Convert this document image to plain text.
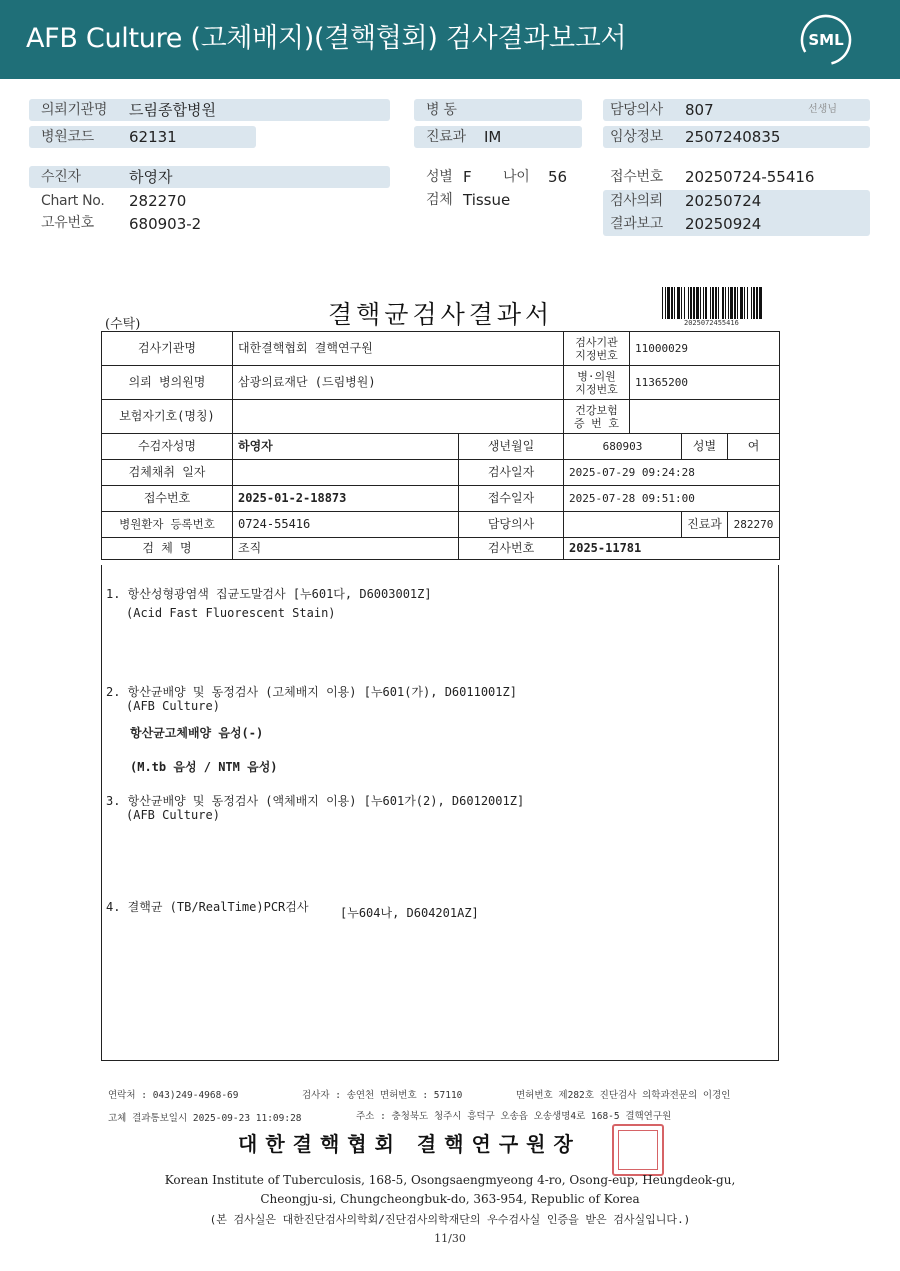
AFB Culture (고체배지)(결핵협회) 검사결과보고서	SML
의뢰기관명 드림종합병원
병원코드 62131
수진자	하영자
Chart No. 282270
고유번호 680903-2
병 동
진료과 IM
성별 F 나이 56
검체 Tissue
담당의사 807	선생님
임상정보 2507240835
접수번호 20250724-55416
검사의뢰 20250724
결과보고 20250924
(수탁)	결핵균검사결과서	2025072455416
검사기관명	대한결핵협회 결핵연구원		검사기관 지정번호	11000029		
의뢰 병의원명	삼광의료재단 (드림병원)		병·의원 지정번호	11365200		
보험자기호(명칭)			건강보험 증 번 호			
수검자성명	하영자	생년월일	680903		성별	여
검체채취 일자		검사일자	2025-07-29 09:24:28			
접수번호	2025-01-2-18873	접수일자	2025-07-28 09:51:00			
병원환자 등록번호	0724-55416	담당의사			진료과	282270
검 체 명	조직	검사번호	2025-11781			
1. 항산성형광염색 집균도말검사 [누601다, D6003001Z]
(Acid Fast Fluorescent Stain)
2. 항산균배양 및 동정검사 (고체배지 이용) [누601(가), D6011001Z]
(AFB Culture)
항산균고체배양 음성(-)
(M.tb 음성 / NTM 음성)
3. 항산균배양 및 동정검사 (액체배지 이용) [누601가(2), D6012001Z]
(AFB Culture)
4. 결핵균 (TB/RealTime)PCR검사	[누604나, D604201AZ]
연락처 : 043)249-4968-69	검사자 : 송연천 면허번호 : 57110	면허번호 제282호 진단검사 의학과전문의 이경인
고체 결과통보일시 2025-09-23 11:09:28	주소 : 충청북도 청주시 흥덕구 오송읍 오송생명4로 168-5 결핵연구원
대한결핵협회 결핵연구원장
Korean Institute of Tuberculosis, 168-5, Osongsaengmyeong 4-ro, Osong-eup, Heungdeok-gu,
Cheongju-si, Chungcheongbuk-do, 363-954, Republic of Korea
(본 검사실은 대한진단검사의학회/진단검사의학재단의 우수검사실 인증을 받은 검사실입니다.)
11/30
